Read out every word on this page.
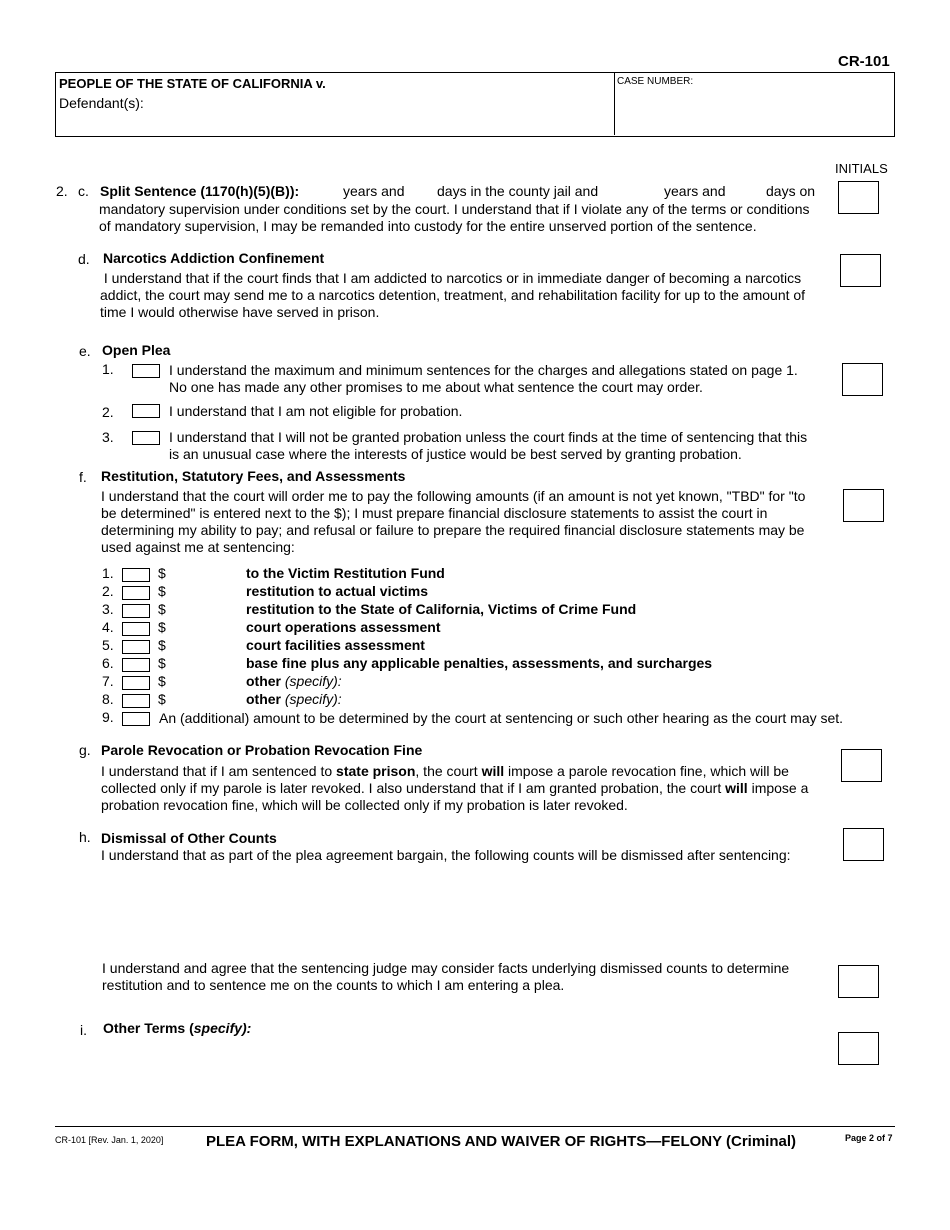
CR-101
PEOPLE OF THE STATE OF CALIFORNIA v.
Defendant(s):
CASE NUMBER:
INITIALS
2. c. Split Sentence (1170(h)(5)(B)):	years and days in the county jail and	years and	days on
mandatory supervision under conditions set by the court. I understand that if I violate any of the terms or conditions
of mandatory supervision, I may be remanded into custody for the entire unserved portion of the sentence.
d. Narcotics Addiction Confinement
I understand that if the court finds that I am addicted to narcotics or in immediate danger of becoming a narcotics
addict, the court may send me to a narcotics detention, treatment, and rehabilitation facility for up to the amount of
time I would otherwise have served in prison.
e. Open Plea
1.	I understand the maximum and minimum sentences for the charges and allegations stated on page 1.
No one has made any other promises to me about what sentence the court may order.
2.	I understand that I am not eligible for probation.
3.	I understand that I will not be granted probation unless the court finds at the time of sentencing that this
is an unusual case where the interests of justice would be best served by granting probation.
f. Restitution, Statutory Fees, and Assessments
I understand that the court will order me to pay the following amounts (if an amount is not yet known, "TBD" for "to
be determined" is entered next to the $); I must prepare financial disclosure statements to assist the court in
determining my ability to pay; and refusal or failure to prepare the required financial disclosure statements may be
used against me at sentencing:
1.	$	to the Victim Restitution Fund
2.	$	restitution to actual victims
3.	$	restitution to the State of California, Victims of Crime Fund
4.	$	court operations assessment
5.	$	court facilities assessment
6.	$	base fine plus any applicable penalties, assessments, and surcharges
7.	$	other (specify):
8.	$	other (specify):
9.	An (additional) amount to be determined by the court at sentencing or such other hearing as the court may set.
g. Parole Revocation or Probation Revocation Fine
I understand that if I am sentenced to state prison, the court will impose a parole revocation fine, which will be
collected only if my parole is later revoked. I also understand that if I am granted probation, the court will impose a
probation revocation fine, which will be collected only if my probation is later revoked.
h. Dismissal of Other Counts
I understand that as part of the plea agreement bargain, the following counts will be dismissed after sentencing:
I understand and agree that the sentencing judge may consider facts underlying dismissed counts to determine
restitution and to sentence me on the counts to which I am entering a plea.
i. Other Terms (specify):
CR-101 [Rev. Jan. 1, 2020]	PLEA FORM, WITH EXPLANATIONS AND WAIVER OF RIGHTS—FELONY (Criminal)	Page 2 of 7
